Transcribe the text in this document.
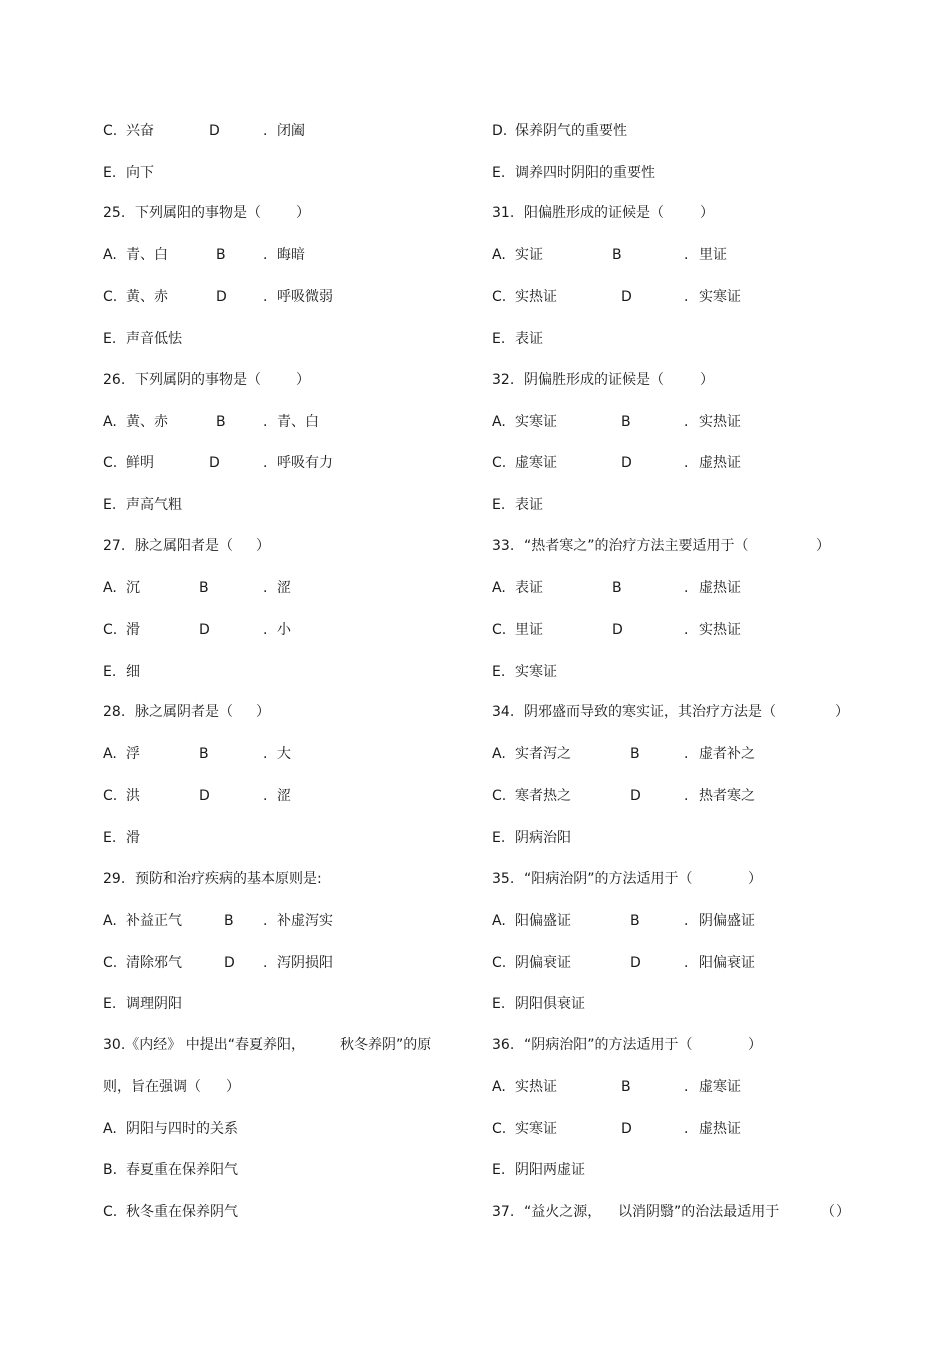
C. 兴奋	D	. 闭阖
E. 向下
25. 下列属阳的事物是（	）
A. 青、白	B	. 晦暗
C. 黄、赤	D	. 呼吸微弱
E. 声音低怯
26. 下列属阴的事物是（	）
A. 黄、赤	B	. 青、白
C. 鲜明	D	. 呼吸有力
E. 声高气粗
27. 脉之属阳者是（ ）
A. 沉	B	. 涩
C. 滑	D	. 小
E. 细
28. 脉之属阴者是（ ）
A. 浮	B	. 大
C. 洪	D	. 涩
E. 滑
29. 预防和治疗疾病的基本原则是:
A. 补益正气	B . 补虚泻实
C. 清除邪气	D . 泻阴损阳
E. 调理阴阳
30.《内经》 中提出“春夏养阳，	秋冬养阴”的原
则，旨在强调（ ）
A. 阴阳与四时的关系
B. 春夏重在保养阳气
C. 秋冬重在保养阴气
D. 保养阴气的重要性
E. 调养四时阴阳的重要性
31. 阳偏胜形成的证候是（	）
A. 实证	B	. 里证
C. 实热证	D	. 实寒证
E. 表证
32. 阴偏胜形成的证候是（	）
A. 实寒证	B	. 实热证
C. 虚寒证	D	. 虚热证
E. 表证
33. “热者寒之”的治疗方法主要适用于（	）
A. 表证	B	. 虚热证
C. 里证	D	. 实热证
E. 实寒证
34. 阴邪盛而导致的寒实证，其治疗方法是（	）
A. 实者泻之	B	. 虚者补之
C. 寒者热之	D	. 热者寒之
E. 阴病治阳
35. “阳病治阴”的方法适用于（	）
A. 阳偏盛证	B	. 阴偏盛证
C. 阴偏衰证	D	. 阳偏衰证
E. 阴阳俱衰证
36. “阴病治阳”的方法适用于（	）
A. 实热证	B	. 虚寒证
C. 实寒证	D	. 虚热证
E. 阴阳两虚证
37. “益火之源， 以消阴翳”的治法最适用于	（ ）
